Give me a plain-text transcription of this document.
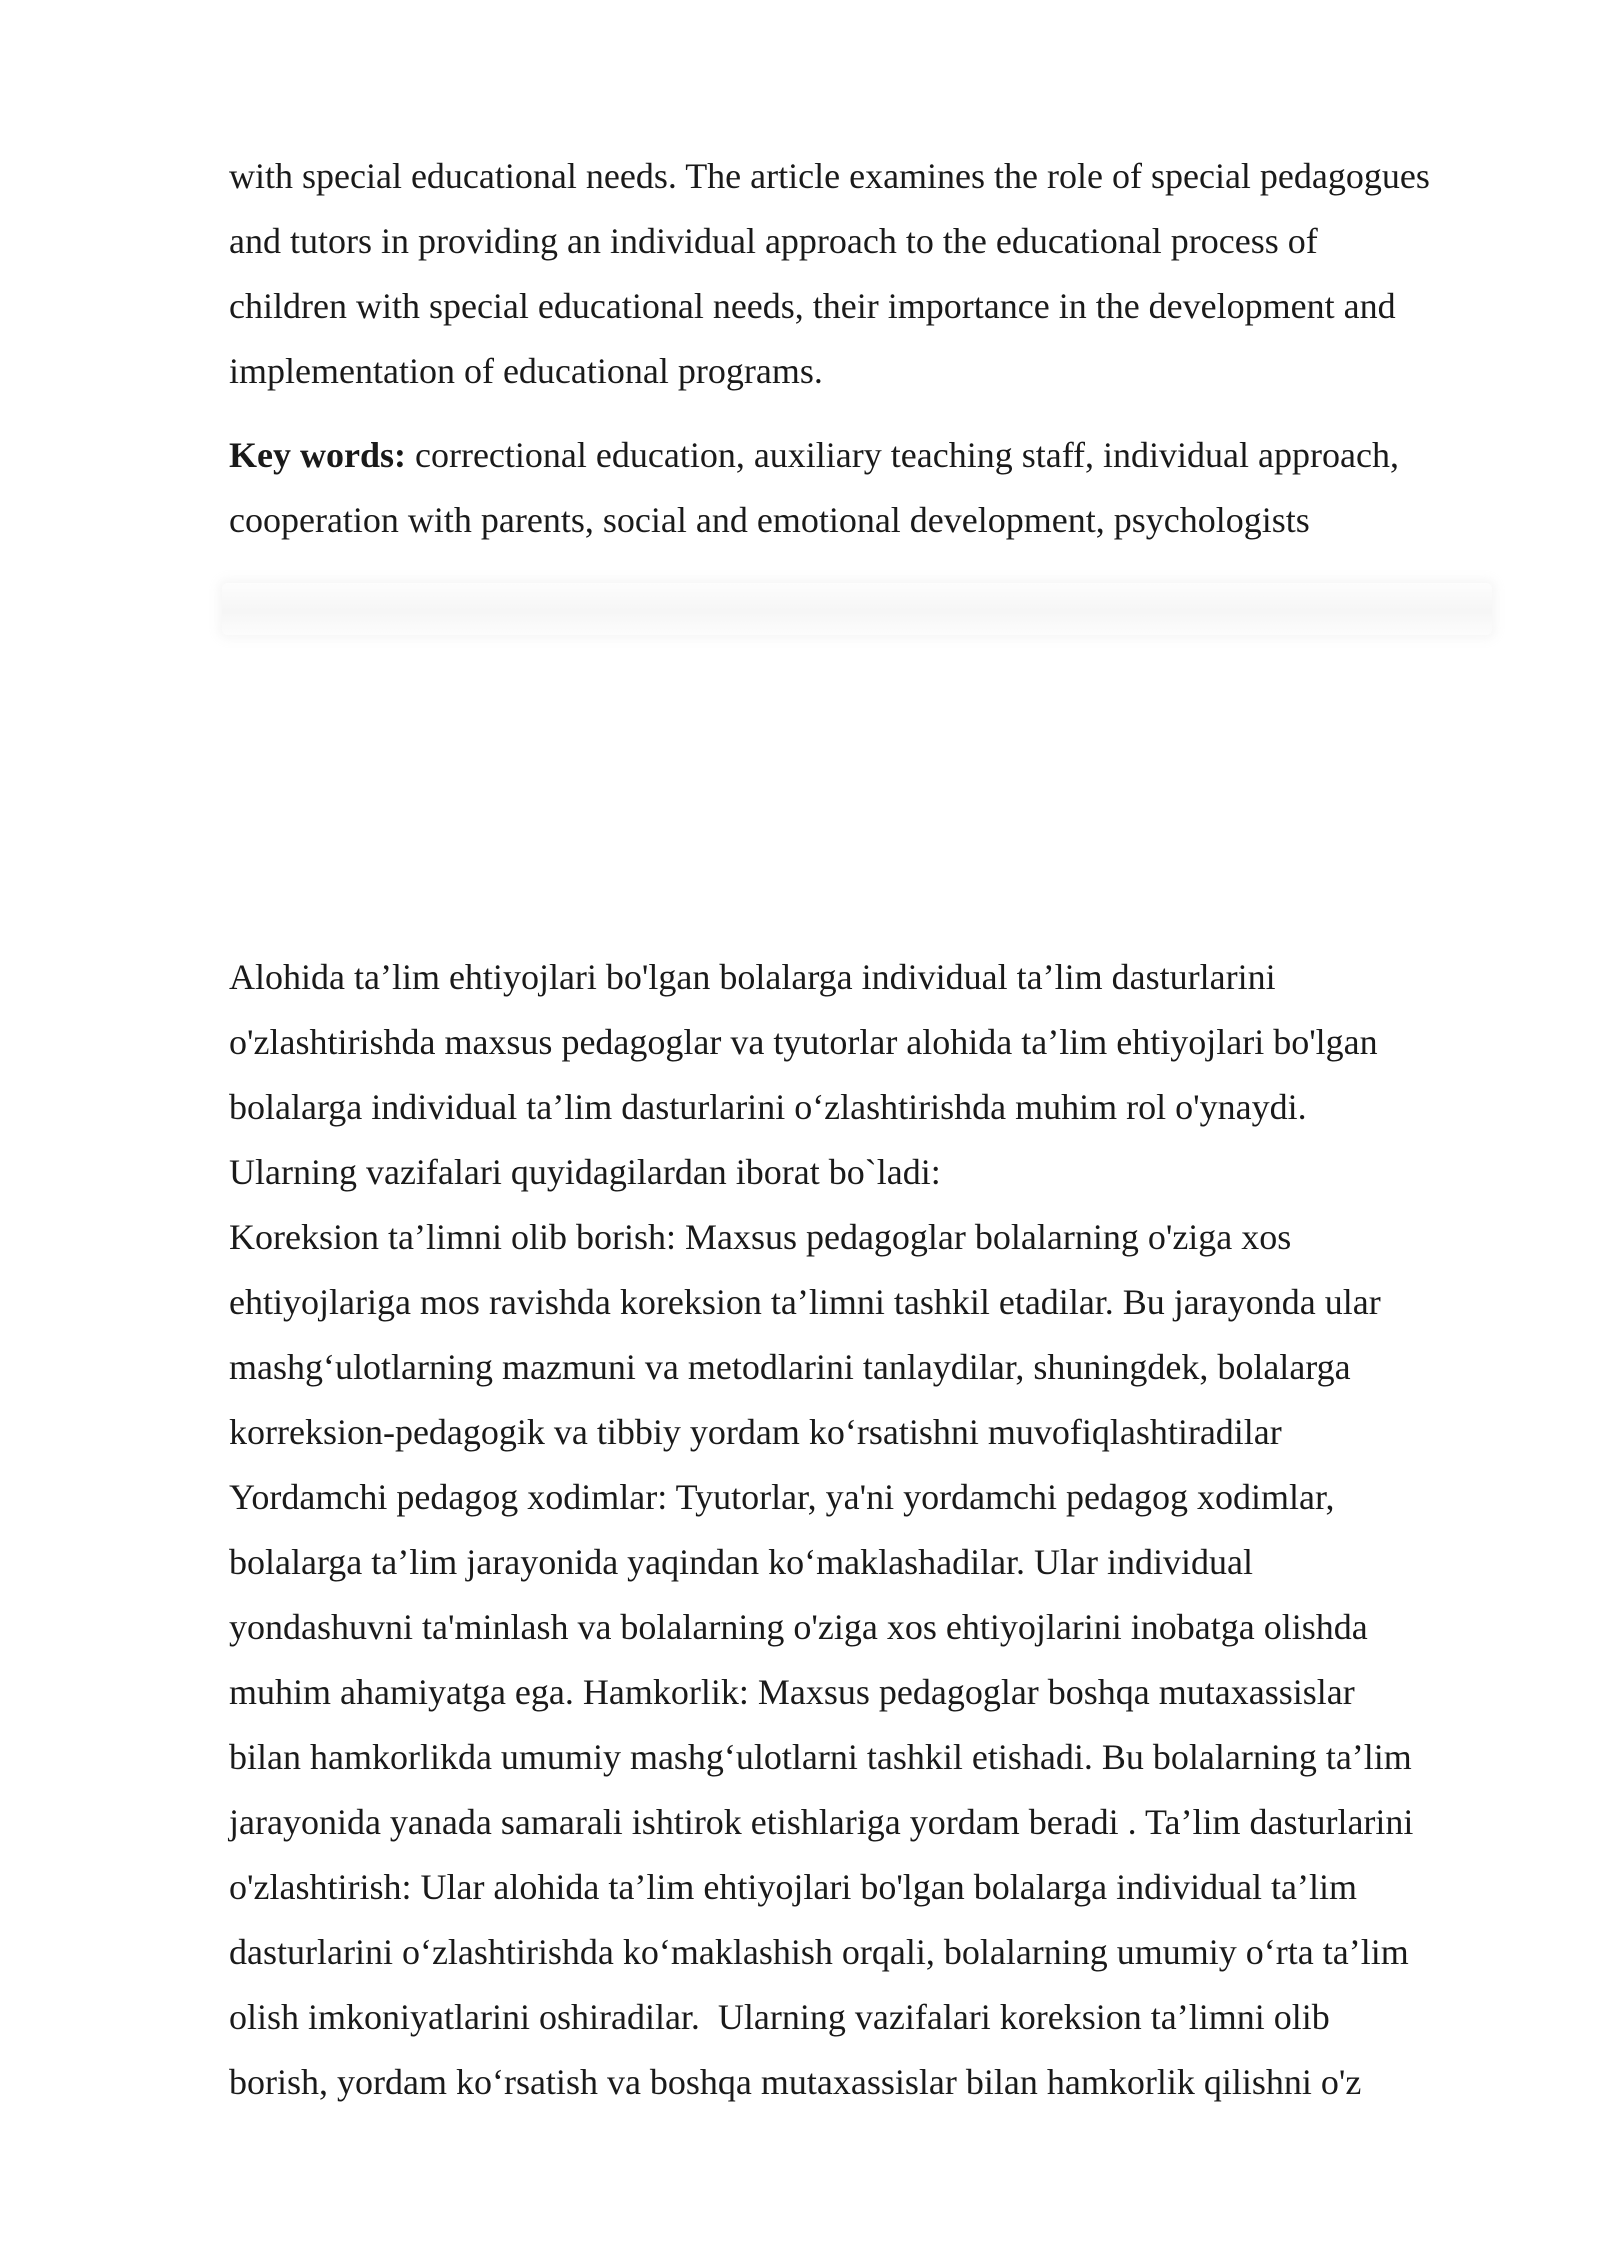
with special educational needs. The article examines the role of special pedagogues
and tutors in providing an individual approach to the educational process of
children with special educational needs, their importance in the development and
implementation of educational programs.

Key words: correctional education, auxiliary teaching staff, individual approach,
cooperation with parents, social and emotional development, psychologists

Alohida ta’lim ehtiyojlari bo'lgan bolalarga individual ta’lim dasturlarini
o'zlashtirishda maxsus pedagoglar va tyutorlar alohida ta’lim ehtiyojlari bo'lgan
bolalarga individual ta’lim dasturlarini o‘zlashtirishda muhim rol o'ynaydi.
Ularning vazifalari quyidagilardan iborat bo`ladi:
Koreksion ta’limni olib borish: Maxsus pedagoglar bolalarning o'ziga xos
ehtiyojlariga mos ravishda koreksion ta’limni tashkil etadilar. Bu jarayonda ular
mashg‘ulotlarning mazmuni va metodlarini tanlaydilar, shuningdek, bolalarga
korreksion-pedagogik va tibbiy yordam ko‘rsatishni muvofiqlashtiradilar
Yordamchi pedagog xodimlar: Tyutorlar, ya'ni yordamchi pedagog xodimlar,
bolalarga ta’lim jarayonida yaqindan ko‘maklashadilar. Ular individual
yondashuvni ta'minlash va bolalarning o'ziga xos ehtiyojlarini inobatga olishda
muhim ahamiyatga ega. Hamkorlik: Maxsus pedagoglar boshqa mutaxassislar
bilan hamkorlikda umumiy mashg‘ulotlarni tashkil etishadi. Bu bolalarning ta’lim
jarayonida yanada samarali ishtirok etishlariga yordam beradi . Ta’lim dasturlarini
o'zlashtirish: Ular alohida ta’lim ehtiyojlari bo'lgan bolalarga individual ta’lim
dasturlarini o‘zlashtirishda ko‘maklashish orqali, bolalarning umumiy o‘rta ta’lim
olish imkoniyatlarini oshiradilar.  Ularning vazifalari koreksion ta’limni olib
borish, yordam ko‘rsatish va boshqa mutaxassislar bilan hamkorlik qilishni o'z
